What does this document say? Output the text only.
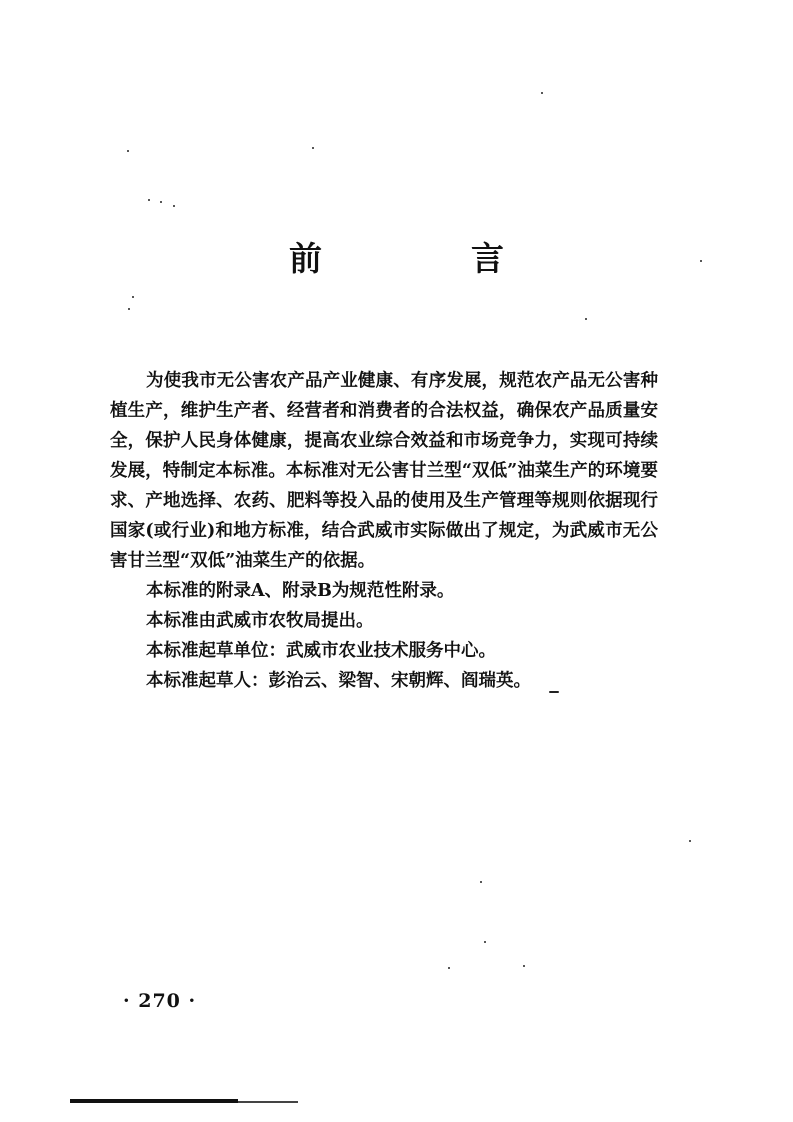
前　言

为使我市无公害农产品产业健康、有序发展，规范农产品无公害种植生产，维护生产者、经营者和消费者的合法权益，确保农产品质量安全，保护人民身体健康，提高农业综合效益和市场竞争力，实现可持续发展，特制定本标准。本标准对无公害甘兰型“双低”油菜生产的环境要求、产地选择、农药、肥料等投入品的使用及生产管理等规则依据现行国家(或行业)和地方标准，结合武威市实际做出了规定，为武威市无公害甘兰型“双低”油菜生产的依据。

本标准的附录A、附录B为规范性附录。

本标准由武威市农牧局提出。

本标准起草单位：武威市农业技术服务中心。

本标准起草人：彭治云、梁智、宋朝辉、阎瑞英。

· 270 ·
